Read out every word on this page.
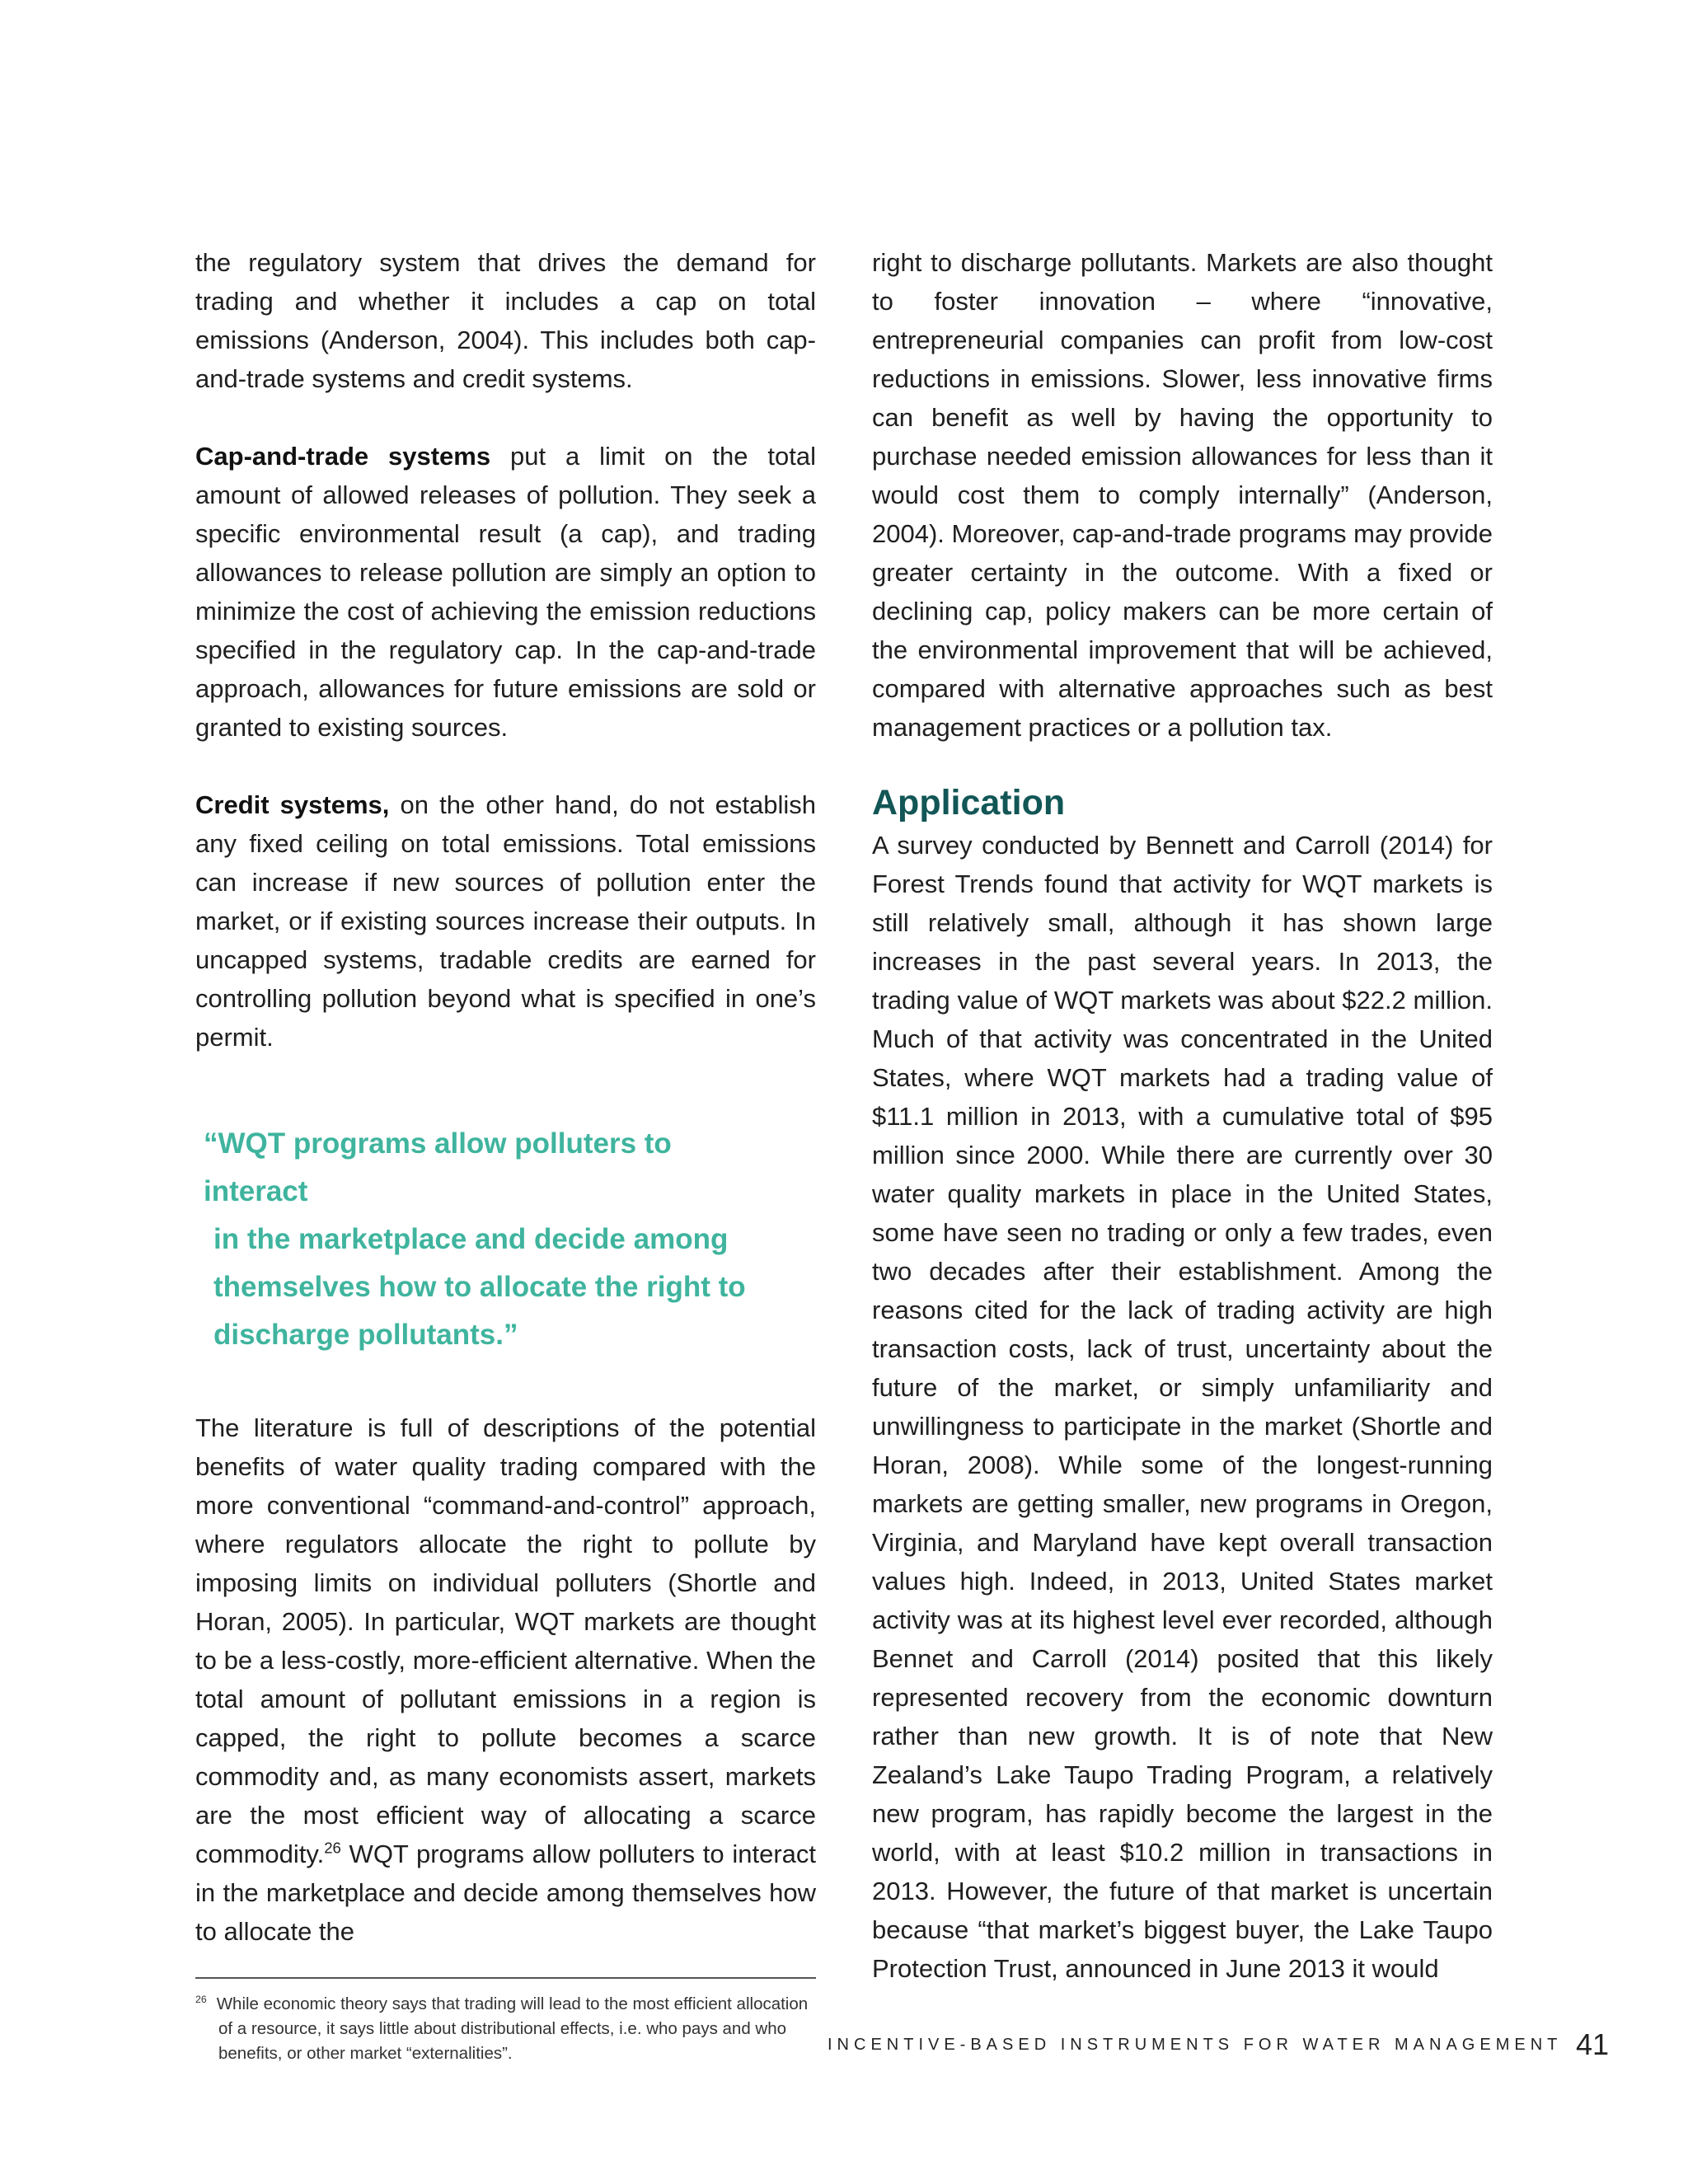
the regulatory system that drives the demand for trading and whether it includes a cap on total emissions (Anderson, 2004). This includes both cap-and-trade systems and credit systems.

Cap-and-trade systems put a limit on the total amount of allowed releases of pollution. They seek a specific environmental result (a cap), and trading allowances to release pollution are simply an option to minimize the cost of achieving the emission reductions specified in the regulatory cap. In the cap-and-trade approach, allowances for future emissions are sold or granted to existing sources.

Credit systems, on the other hand, do not establish any fixed ceiling on total emissions. Total emissions can increase if new sources of pollution enter the market, or if existing sources increase their outputs. In uncapped systems, tradable credits are earned for controlling pollution beyond what is specified in one’s permit.

“WQT programs allow polluters to interact
in the marketplace and decide among
themselves how to allocate the right to
discharge pollutants.”

The literature is full of descriptions of the potential benefits of water quality trading compared with the more conventional “command-and-control” approach, where regulators allocate the right to pollute by imposing limits on individual polluters (Shortle and Horan, 2005). In particular, WQT markets are thought to be a less-costly, more-efficient alternative. When the total amount of pollutant emissions in a region is capped, the right to pollute becomes a scarce commodity and, as many economists assert, markets are the most efficient way of allocating a scarce commodity.$^{26}$ WQT programs allow polluters to interact in the marketplace and decide among themselves how to allocate the

$^{26}$ While economic theory says that trading will lead to the most efficient allocation of a resource, it says little about distributional effects, i.e. who pays and who benefits, or other market “externalities”.

right to discharge pollutants. Markets are also thought to foster innovation – where “innovative, entrepreneurial companies can profit from low-cost reductions in emissions. Slower, less innovative firms can benefit as well by having the opportunity to purchase needed emission allowances for less than it would cost them to comply internally” (Anderson, 2004). Moreover, cap-and-trade programs may provide greater certainty in the outcome. With a fixed or declining cap, policy makers can be more certain of the environmental improvement that will be achieved, compared with alternative approaches such as best management practices or a pollution tax.

Application

A survey conducted by Bennett and Carroll (2014) for Forest Trends found that activity for WQT markets is still relatively small, although it has shown large increases in the past several years. In 2013, the trading value of WQT markets was about $22.2 million. Much of that activity was concentrated in the United States, where WQT markets had a trading value of $11.1 million in 2013, with a cumulative total of $95 million since 2000. While there are currently over 30 water quality markets in place in the United States, some have seen no trading or only a few trades, even two decades after their establishment. Among the reasons cited for the lack of trading activity are high transaction costs, lack of trust, uncertainty about the future of the market, or simply unfamiliarity and unwillingness to participate in the market (Shortle and Horan, 2008). While some of the longest-running markets are getting smaller, new programs in Oregon, Virginia, and Maryland have kept overall transaction values high. Indeed, in 2013, United States market activity was at its highest level ever recorded, although Bennet and Carroll (2014) posited that this likely represented recovery from the economic downturn rather than new growth. It is of note that New Zealand’s Lake Taupo Trading Program, a relatively new program, has rapidly become the largest in the world, with at least $10.2 million in transactions in 2013. However, the future of that market is uncertain because “that market’s biggest buyer, the Lake Taupo Protection Trust, announced in June 2013 it would

INCENTIVE-BASED INSTRUMENTS FOR WATER MANAGEMENT 41
